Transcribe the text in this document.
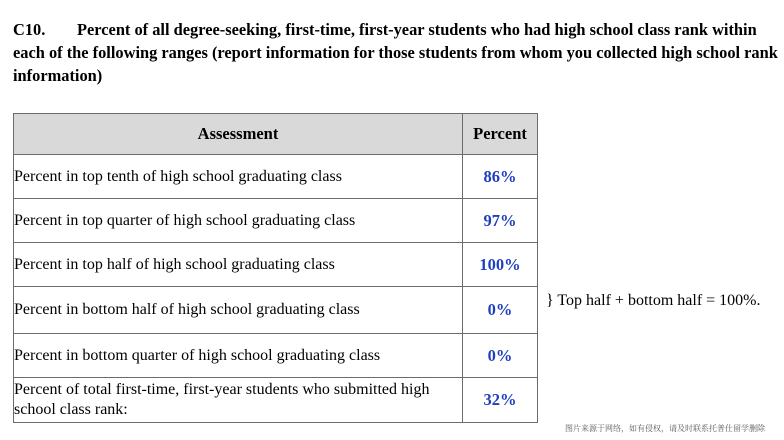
C10. Percent of all degree-seeking, first-time, first-year students who had high school class rank within each of the following ranges (report information for those students from whom you collected high school rank information)
Assessment	Percent
Percent in top tenth of high school graduating class	86%
Percent in top quarter of high school graduating class	97%
Percent in top half of high school graduating class	100%
Percent in bottom half of high school graduating class	0%
Percent in bottom quarter of high school graduating class	0%
Percent of total first-time, first-year students who submitted high school class rank:	32%
} Top half + bottom half = 100%.
图片来源于网络，如有侵权，请及时联系托普仕留学删除
